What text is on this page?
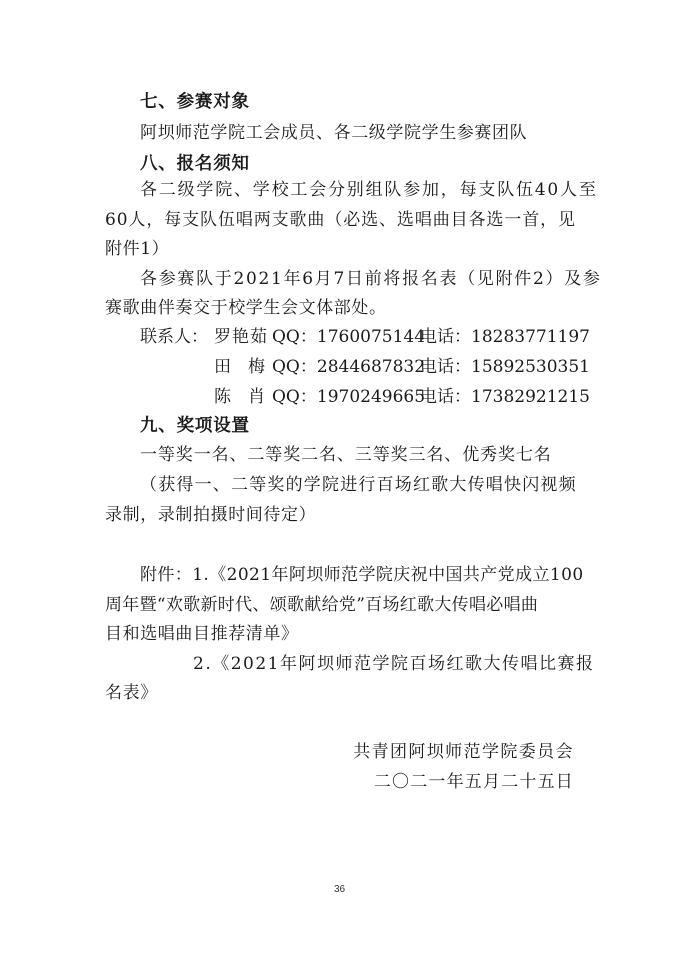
七、参赛对象
阿坝师范学院工会成员、各二级学院学生参赛团队
八、报名须知
各二级学院、学校工会分别组队参加，每支队伍40人至
60人，每支队伍唱两支歌曲（必选、选唱曲目各选一首，见
附件1）
各参赛队于2021年6月7日前将报名表（见附件2）及参
赛歌曲伴奏交于校学生会文体部处。
联系人： 罗艳茹 QQ：1760075144
电话：18283771197
田　梅 QQ：2844687832
电话：15892530351
陈　肖 QQ：1970249665
电话：17382921215
九、奖项设置
一等奖一名、二等奖二名、三等奖三名、优秀奖七名
（获得一、二等奖的学院进行百场红歌大传唱快闪视频
录制，录制拍摄时间待定）
附件：1.《2021年阿坝师范学院庆祝中国共产党成立100
周年暨“欢歌新时代、颂歌献给党”百场红歌大传唱必唱曲
目和选唱曲目推荐清单》
2.《2021年阿坝师范学院百场红歌大传唱比赛报
名表》
共青团阿坝师范学院委员会
二〇二一年五月二十五日
36
